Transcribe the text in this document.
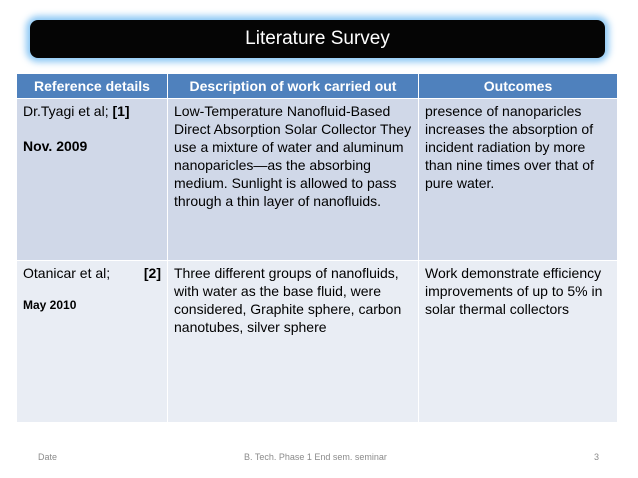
Literature Survey
Reference details	Description of work carried out	Outcomes

Dr.Tyagi et al; [1]
Nov. 2009	Low-Temperature Nanofluid-Based Direct Absorption Solar Collector They use a mixture of water and aluminum nanoparicles—as the absorbing medium. Sunlight is allowed to pass through a thin layer of nanofluids.	presence of nanoparicles increases the absorption of incident radiation by more than nine times over that of pure water.

Otanicar et al; [2]
May 2010	Three different groups of nanofluids, with water as the base fluid, were considered, Graphite sphere, carbon nanotubes, silver sphere	Work demonstrate efficiency improvements of up to 5% in solar thermal collectors
Date	B. Tech. Phase 1 End sem. seminar	3
